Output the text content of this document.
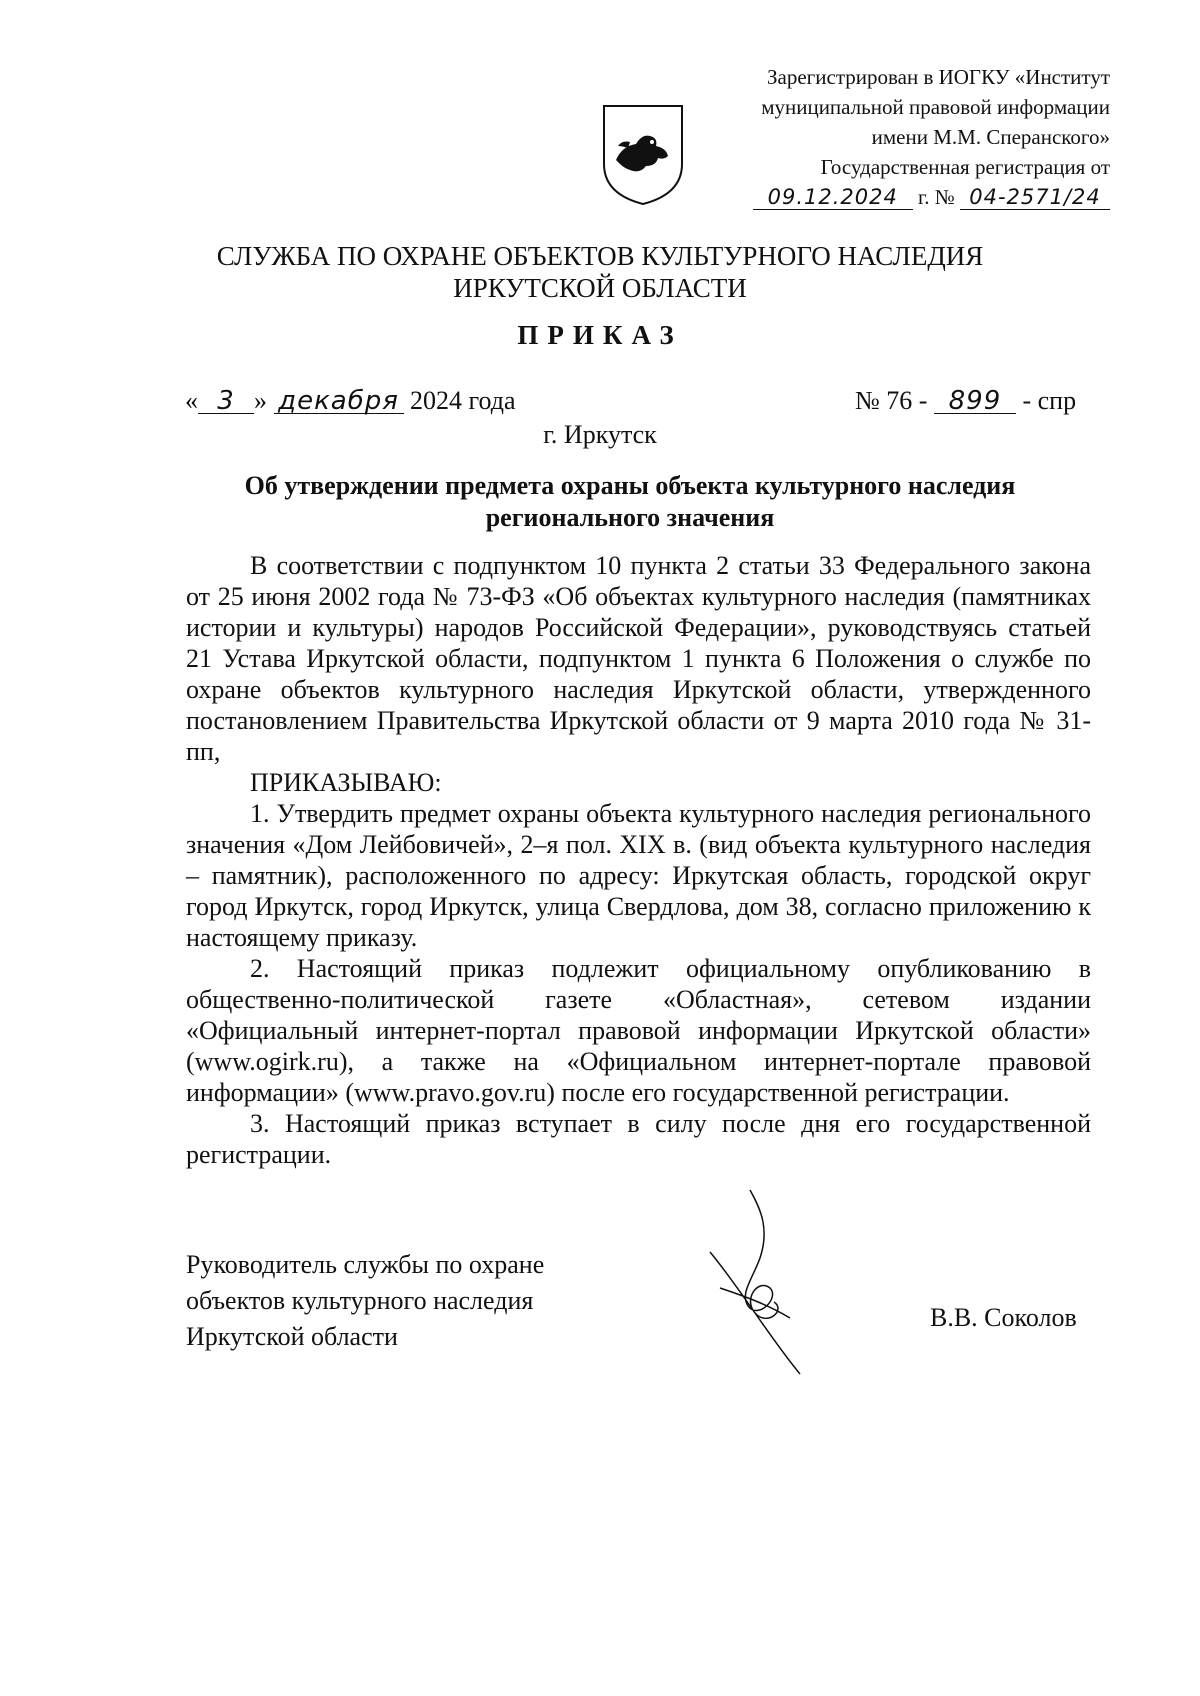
Зарегистрирован в ИОГКУ «Институт
муниципальной правовой информации
имени М.М. Сперанского»
Государственная регистрация от
09.12.2024 г. № 04-2571/24
СЛУЖБА ПО ОХРАНЕ ОБЪЕКТОВ КУЛЬТУРНОГО НАСЛЕДИЯ
ИРКУТСКОЙ ОБЛАСТИ
ПРИКАЗ
« 3 » декабря 2024 года	№ 76 - 899 - спр
г. Иркутск
Об утверждении предмета охраны объекта культурного наследия
регионального значения

В соответствии с подпунктом 10 пункта 2 статьи 33 Федерального закона от 25 июня 2002 года № 73-ФЗ «Об объектах культурного наследия (памятниках истории и культуры) народов Российской Федерации», руководствуясь статьей 21 Устава Иркутской области, подпунктом 1 пункта 6 Положения о службе по охране объектов культурного наследия Иркутской области, утвержденного постановлением Правительства Иркутской области от 9 марта 2010 года № 31-пп,

ПРИКАЗЫВАЮ:

1. Утвердить предмет охраны объекта культурного наследия регионального значения «Дом Лейбовичей», 2–я пол. XIX в. (вид объекта культурного наследия – памятник), расположенного по адресу: Иркутская область, городской округ город Иркутск, город Иркутск, улица Свердлова, дом 38, согласно приложению к настоящему приказу.

2. Настоящий приказ подлежит официальному опубликованию в общественно-политической газете «Областная», сетевом издании «Официальный интернет-портал правовой информации Иркутской области» (www.ogirk.ru), а также на «Официальном интернет-портале правовой информации» (www.pravo.gov.ru) после его государственной регистрации.

3. Настоящий приказ вступает в силу после дня его государственной регистрации.

Руководитель службы по охране
объектов культурного наследия
Иркутской области
В.В. Соколов
